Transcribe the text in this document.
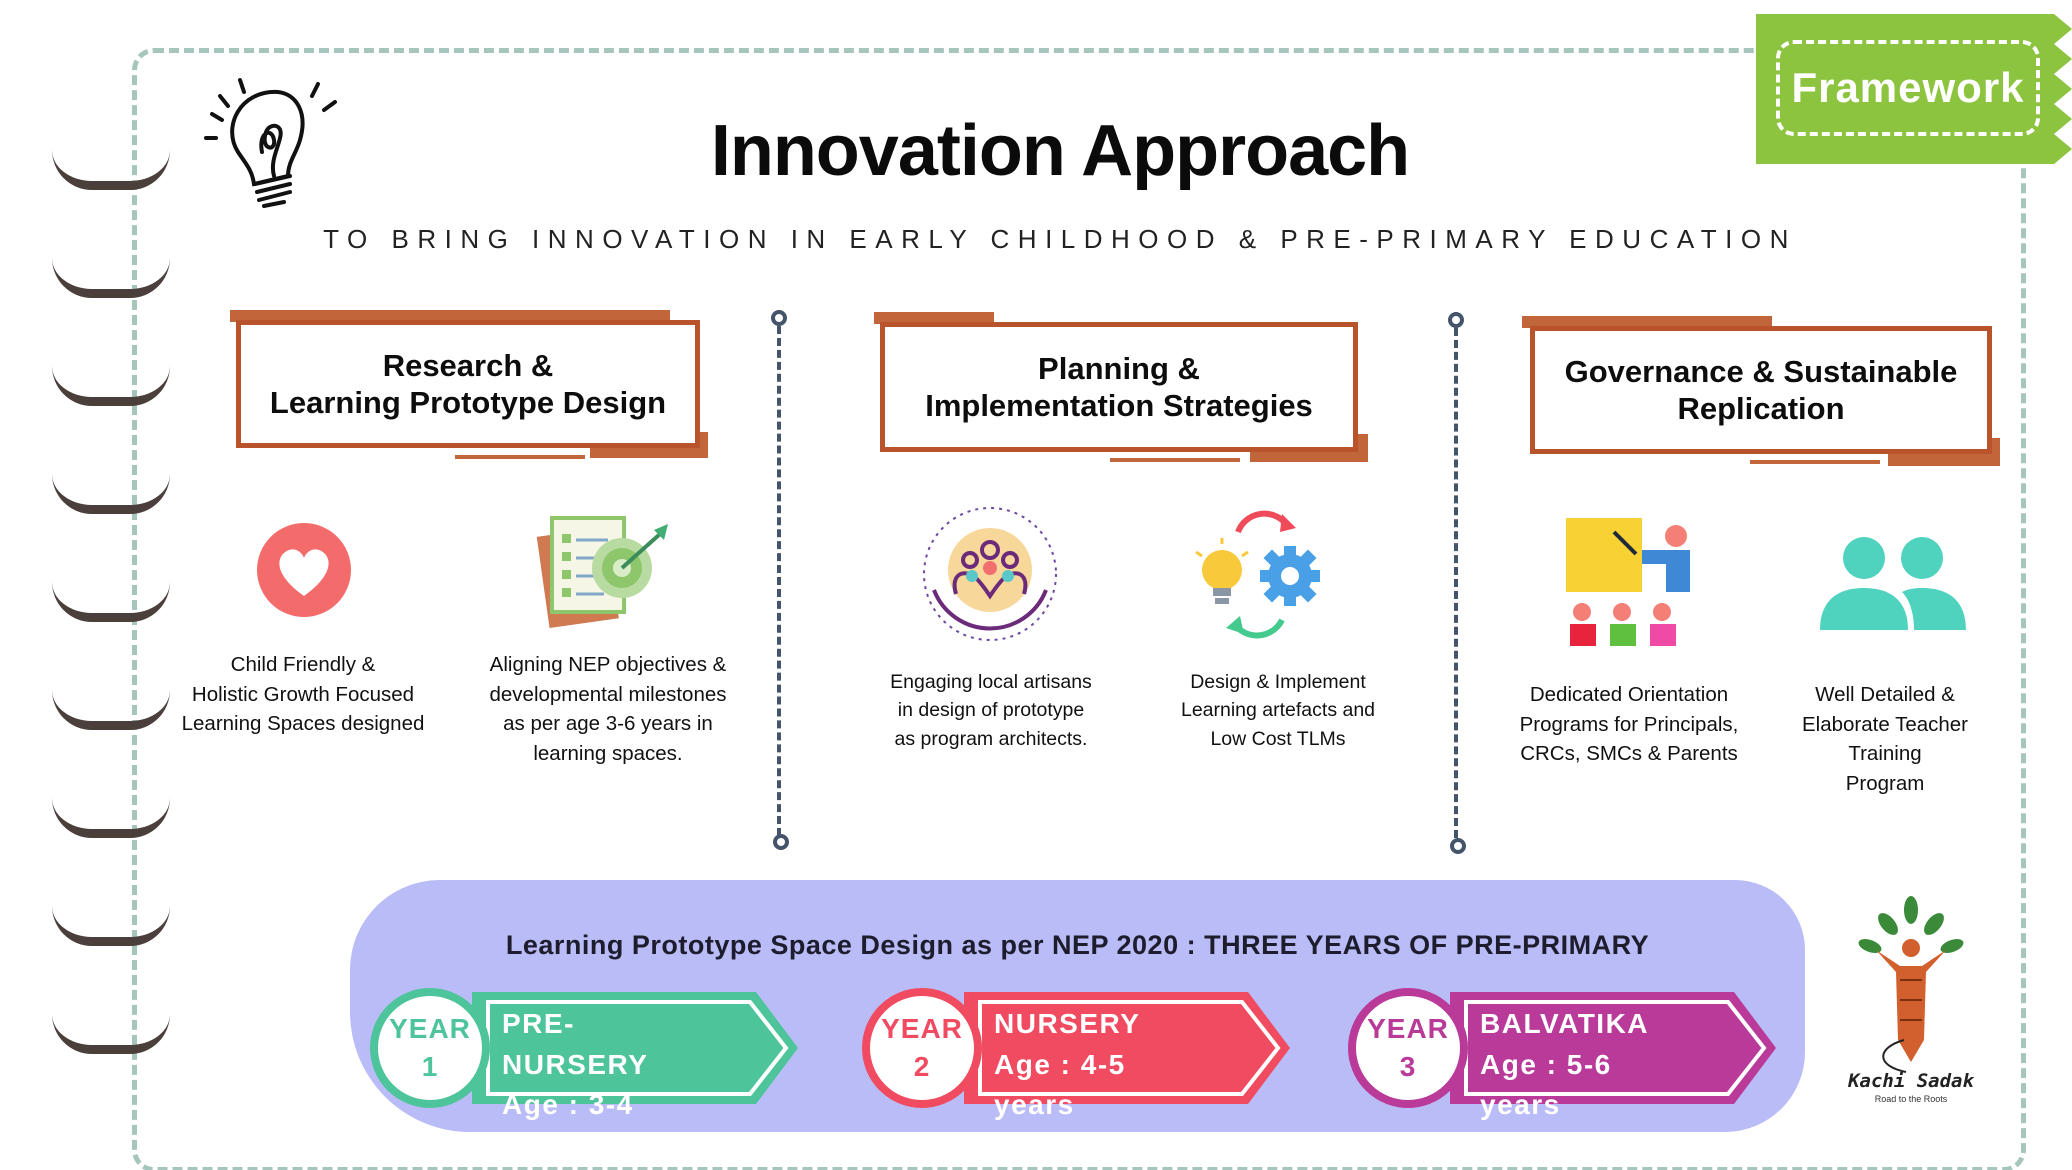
Framework
Innovation Approach
TO BRING INNOVATION IN EARLY CHILDHOOD & PRE-PRIMARY EDUCATION
Research &
Learning Prototype Design
Planning &
Implementation Strategies
Governance & Sustainable
Replication
Child Friendly &
Holistic Growth Focused
Learning Spaces designed
Aligning NEP objectives &
developmental milestones
as per age 3-6 years in
learning spaces.
Engaging local artisans
in design of prototype
as program architects.
Design & Implement
Learning artefacts and
Low Cost TLMs
Dedicated Orientation
Programs for Principals,
CRCs, SMCs & Parents
Well Detailed &
Elaborate Teacher
Training
Program
Learning Prototype Space Design as per NEP 2020 : THREE YEARS OF PRE-PRIMARY
YEAR
1
PRE-NURSERY
Age : 3-4 years
YEAR
2
NURSERY
Age : 4-5 years
YEAR
3
BALVATIKA
Age : 5-6 years
Kachi Sadak
Road to the Roots
